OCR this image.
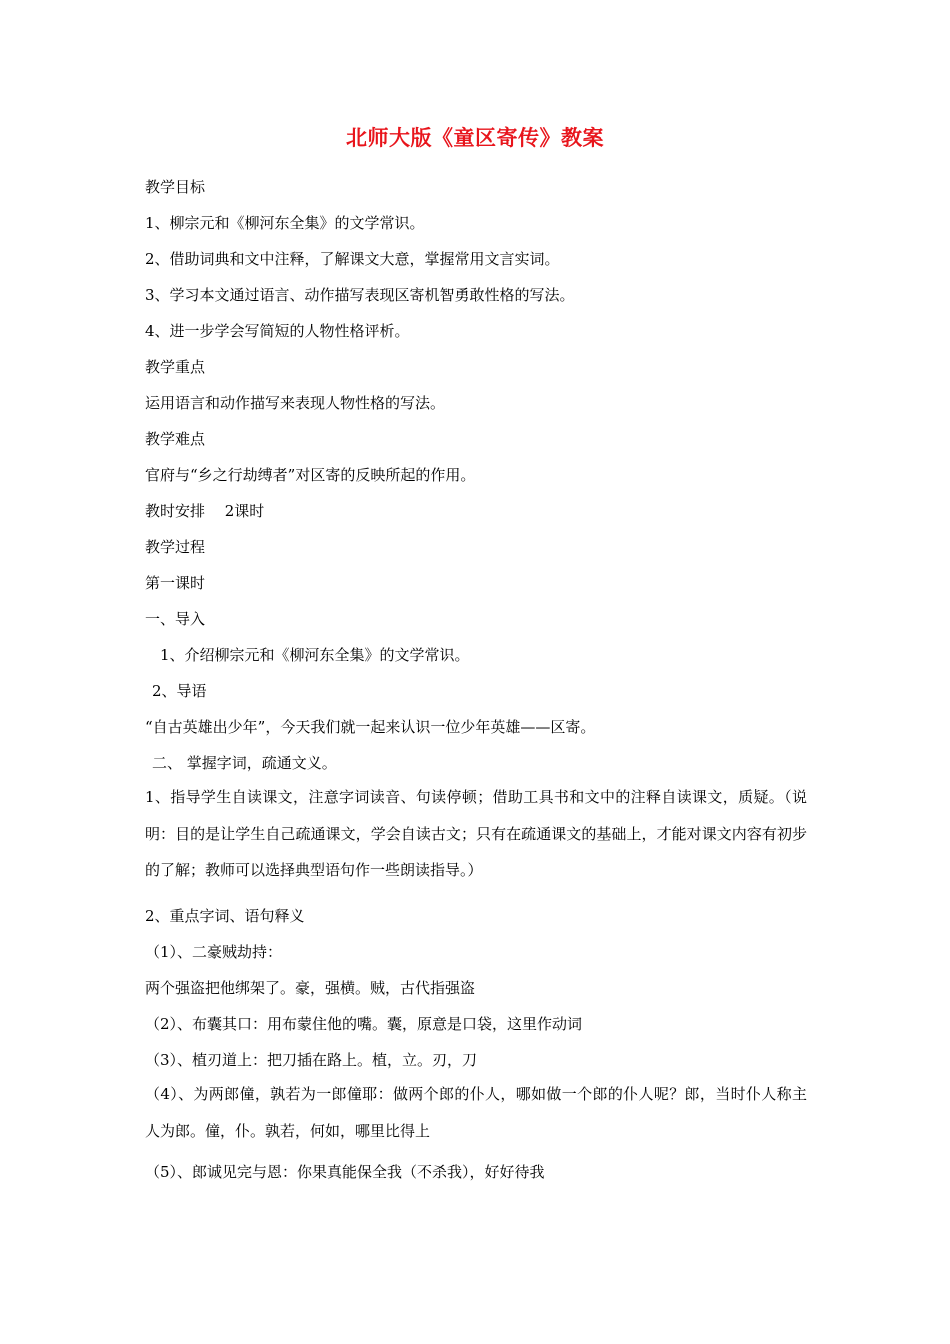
北师大版《童区寄传》教案
教学目标
1、柳宗元和《柳河东全集》的文学常识。
2、借助词典和文中注释，了解课文大意，掌握常用文言实词。
3、学习本文通过语言、动作描写表现区寄机智勇敢性格的写法。
4、进一步学会写简短的人物性格评析。
教学重点
运用语言和动作描写来表现人物性格的写法。
教学难点
官府与“乡之行劫缚者”对区寄的反映所起的作用。
教时安排　 2课时
教学过程
第一课时
一、导入
1、介绍柳宗元和《柳河东全集》的文学常识。
2、导语
“自古英雄出少年”，今天我们就一起来认识一位少年英雄——区寄。
二、 掌握字词，疏通文义。
1、指导学生自读课文，注意字词读音、句读停顿；借助工具书和文中的注释自读课文，质疑。（说明：目的是让学生自己疏通课文，学会自读古文；只有在疏通课文的基础上，才能对课文内容有初步的了解；教师可以选择典型语句作一些朗读指导。）
2、重点字词、语句释义
（1）、二豪贼劫持：
两个强盗把他绑架了。豪，强横。贼，古代指强盗
（2）、布囊其口：用布蒙住他的嘴。囊，原意是口袋，这里作动词
（3）、植刃道上：把刀插在路上。植，立。刃，刀
（4）、为两郎僮，孰若为一郎僮耶：做两个郎的仆人，哪如做一个郎的仆人呢？郎，当时仆人称主人为郎。僮，仆。孰若，何如，哪里比得上
（5）、郎诚见完与恩：你果真能保全我（不杀我），好好待我
